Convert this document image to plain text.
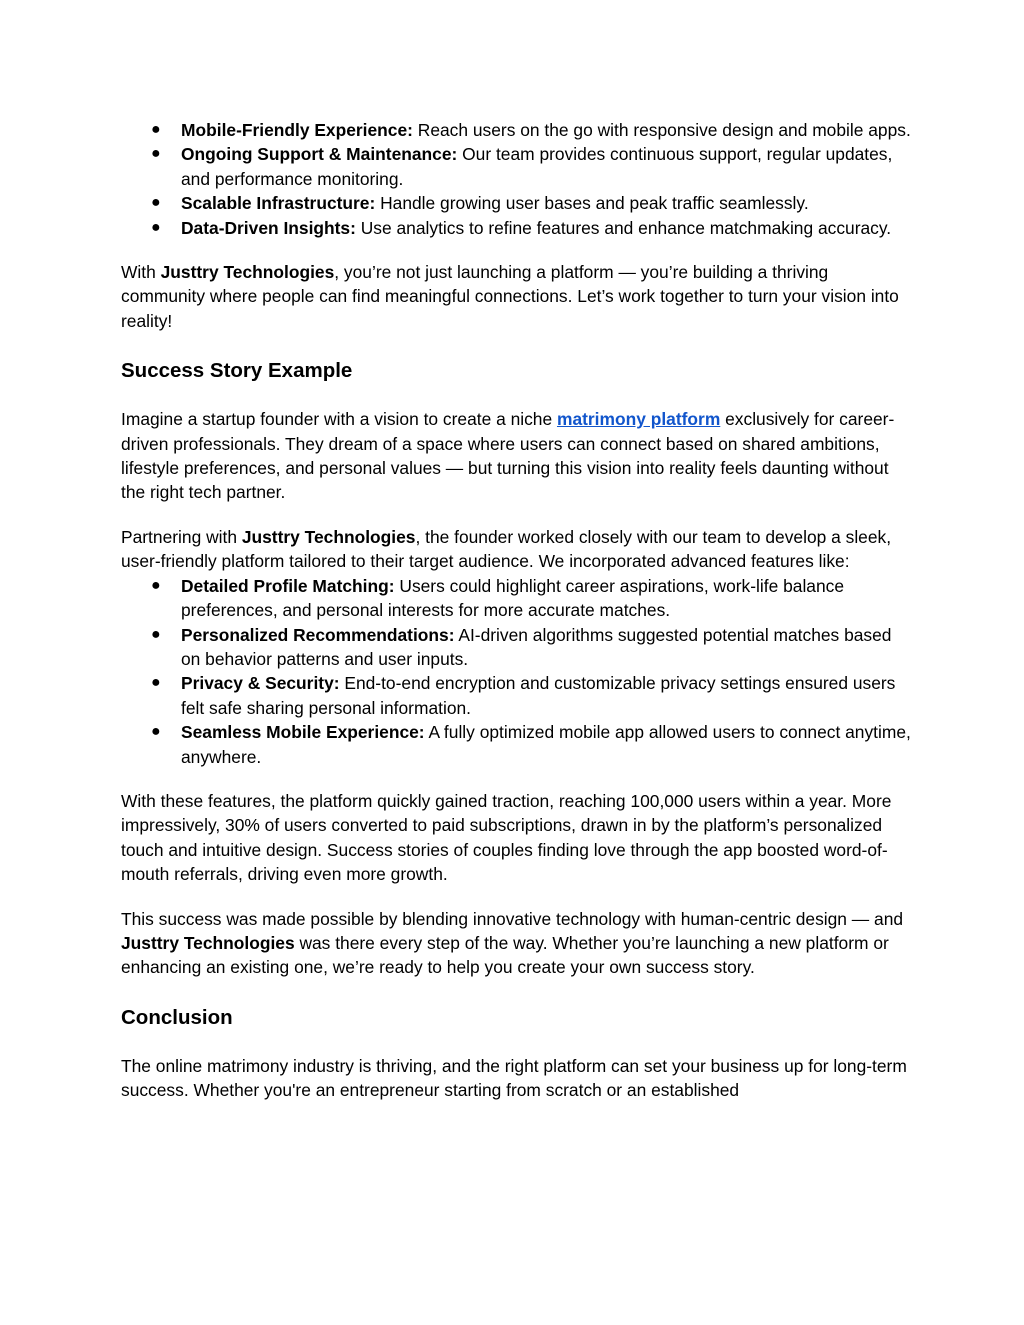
● Mobile-Friendly Experience: Reach users on the go with responsive design and mobile apps.
● Ongoing Support & Maintenance: Our team provides continuous support, regular updates, and performance monitoring.
● Scalable Infrastructure: Handle growing user bases and peak traffic seamlessly.
● Data-Driven Insights: Use analytics to refine features and enhance matchmaking accuracy.

With Justtry Technologies, you’re not just launching a platform — you’re building a thriving community where people can find meaningful connections. Let’s work together to turn your vision into reality!

Success Story Example

Imagine a startup founder with a vision to create a niche matrimony platform exclusively for career-driven professionals. They dream of a space where users can connect based on shared ambitions, lifestyle preferences, and personal values — but turning this vision into reality feels daunting without the right tech partner.

Partnering with Justtry Technologies, the founder worked closely with our team to develop a sleek, user-friendly platform tailored to their target audience. We incorporated advanced features like:

● Detailed Profile Matching: Users could highlight career aspirations, work-life balance preferences, and personal interests for more accurate matches.
● Personalized Recommendations: AI-driven algorithms suggested potential matches based on behavior patterns and user inputs.
● Privacy & Security: End-to-end encryption and customizable privacy settings ensured users felt safe sharing personal information.
● Seamless Mobile Experience: A fully optimized mobile app allowed users to connect anytime, anywhere.

With these features, the platform quickly gained traction, reaching 100,000 users within a year. More impressively, 30% of users converted to paid subscriptions, drawn in by the platform’s personalized touch and intuitive design. Success stories of couples finding love through the app boosted word-of-mouth referrals, driving even more growth.

This success was made possible by blending innovative technology with human-centric design — and Justtry Technologies was there every step of the way. Whether you’re launching a new platform or enhancing an existing one, we’re ready to help you create your own success story.

Conclusion

The online matrimony industry is thriving, and the right platform can set your business up for long-term success. Whether you're an entrepreneur starting from scratch or an established
